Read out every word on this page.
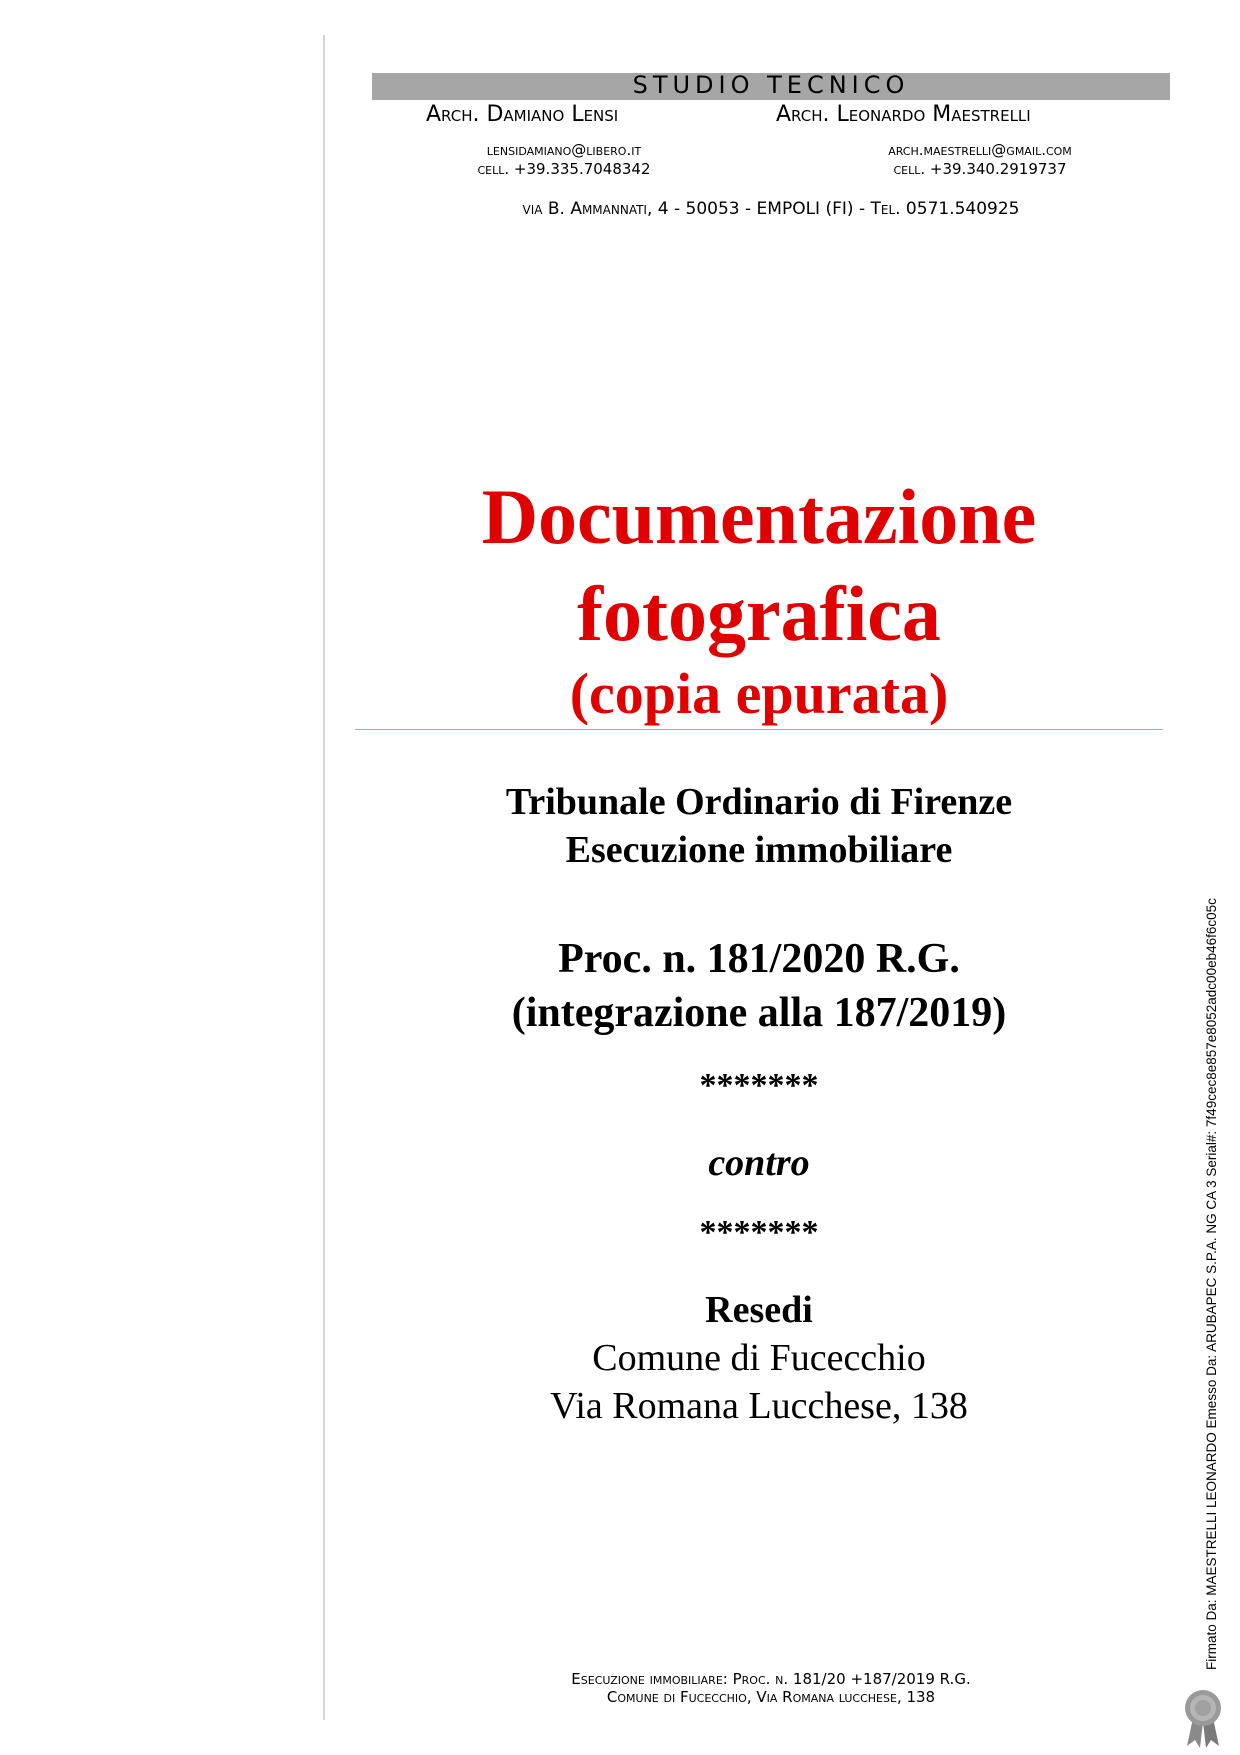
STUDIO TECNICO
Arch. Damiano Lensi	Arch. Leonardo Maestrelli
lensidamiano@libero.it
cell. +39.335.7048342
arch.maestrelli@gmail.com
cell. +39.340.2919737
via B. Ammannati, 4 - 50053 - EMPOLI (FI) - Tel. 0571.540925
Documentazione
fotografica
(copia epurata)
Tribunale Ordinario di Firenze
Esecuzione immobiliare
Proc. n. 181/2020 R.G.
(integrazione alla 187/2019)
*******
contro
*******
Resedi
Comune di Fucecchio
Via Romana Lucchese, 138
Esecuzione immobiliare: Proc. n. 181/20 +187/2019 R.G.
Comune di Fucecchio, Via Romana lucchese, 138
Firmato Da: MAESTRELLI LEONARDO Emesso Da: ARUBAPEC S.P.A. NG CA 3 Serial#: 7f49cec8e857e8052adc00eb46f6c05c
